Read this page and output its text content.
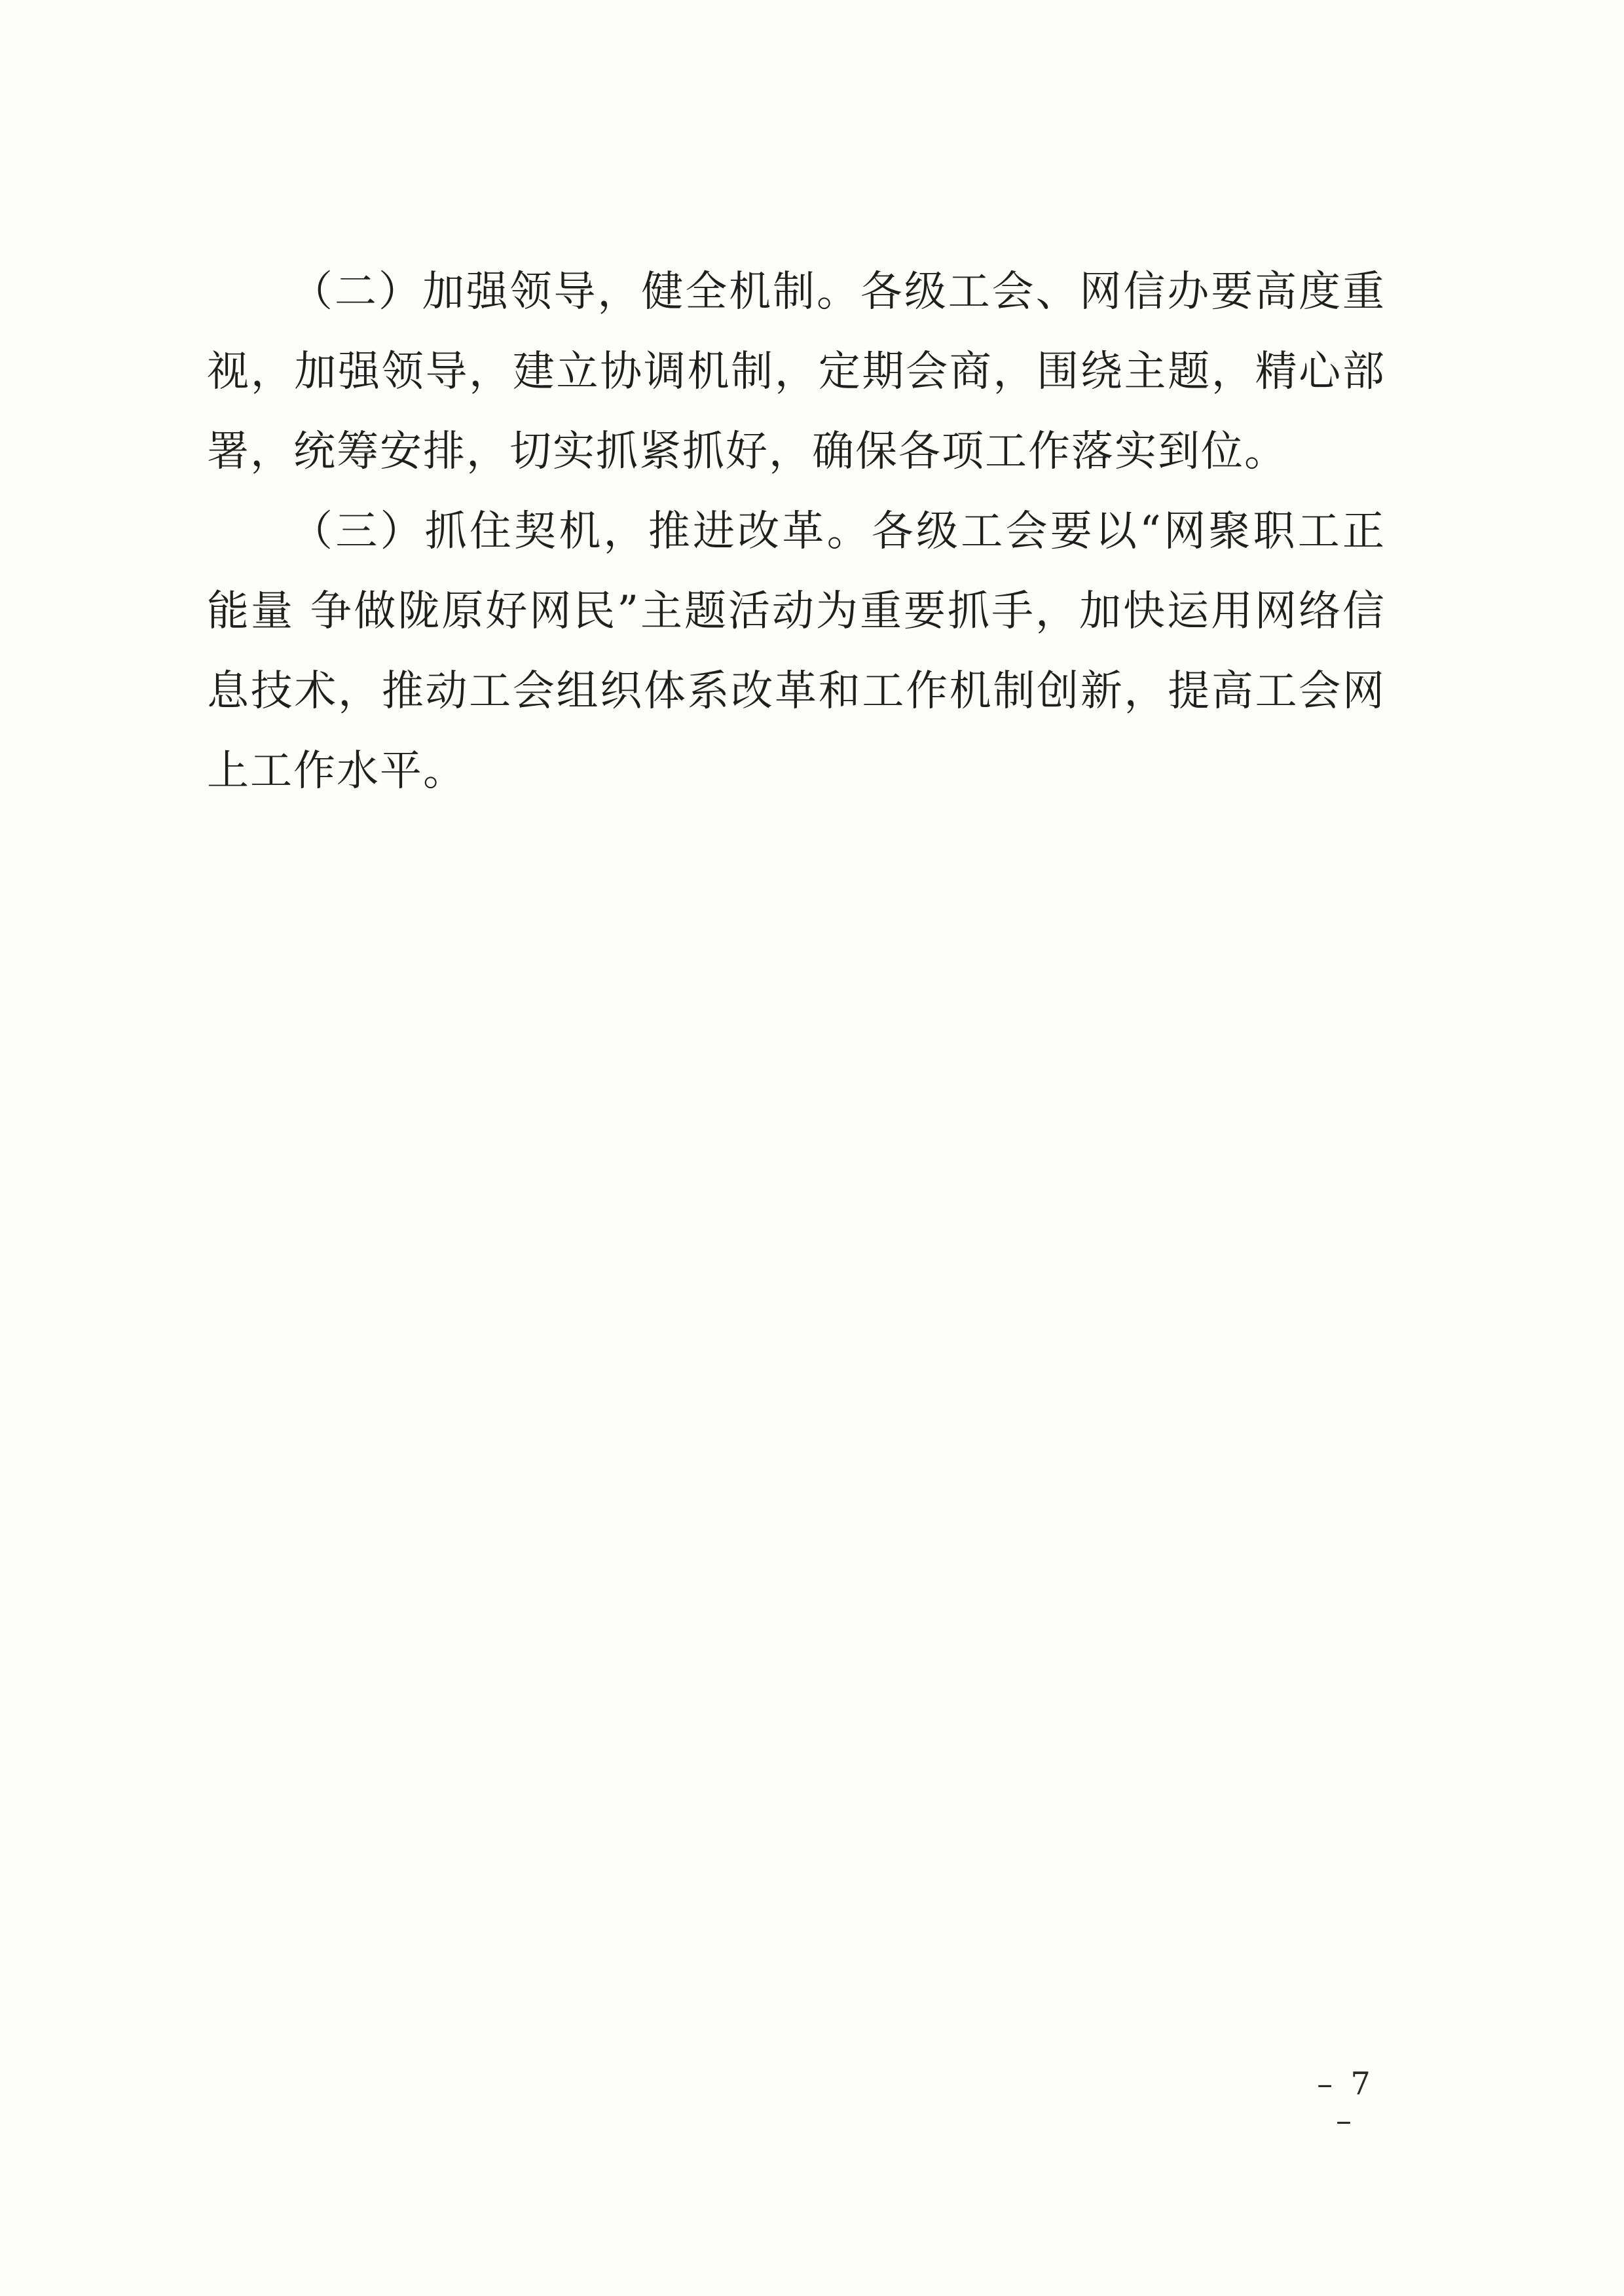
（二）加强领导，健全机制。各级工会、网信办要高度重视，加强领导，建立协调机制，定期会商，围绕主题，精心部署，统筹安排，切实抓紧抓好，确保各项工作落实到位。

（三）抓住契机，推进改革。各级工会要以“网聚职工正能量 争做陇原好网民”主题活动为重要抓手，加快运用网络信息技术，推动工会组织体系改革和工作机制创新，提高工会网上工作水平。

– 7 –
